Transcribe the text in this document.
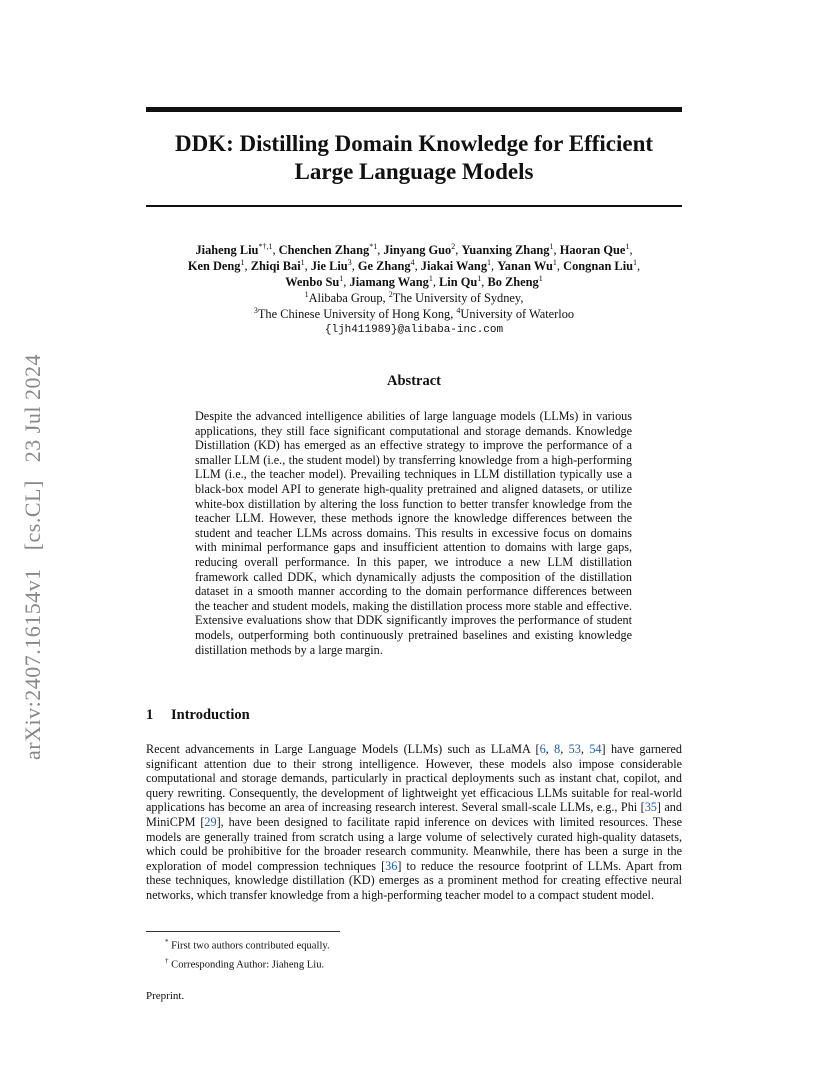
arXiv:2407.16154v1 [cs.CL] 23 Jul 2024
DDK: Distilling Domain Knowledge for Efficient Large Language Models
Jiaheng Liu$^{*\dagger,1}$, Chenchen Zhang$^{*1}$, Jinyang Guo$^2$, Yuanxing Zhang$^1$, Haoran Que$^1$,
Ken Deng$^1$, Zhiqi Bai$^1$, Jie Liu$^3$, Ge Zhang$^4$, Jiakai Wang$^1$, Yanan Wu$^1$, Congnan Liu$^1$,
Wenbo Su$^1$, Jiamang Wang$^1$, Lin Qu$^1$, Bo Zheng$^1$
$^1$Alibaba Group, $^2$The University of Sydney,
$^3$The Chinese University of Hong Kong, $^4$University of Waterloo
{ljh411989}@alibaba-inc.com
Abstract

Despite the advanced intelligence abilities of large language models (LLMs) in various applications, they still face significant computational and storage demands. Knowledge Distillation (KD) has emerged as an effective strategy to improve the performance of a smaller LLM (i.e., the student model) by transferring knowledge from a high-performing LLM (i.e., the teacher model). Prevailing techniques in LLM distillation typically use a black-box model API to generate high-quality pretrained and aligned datasets, or utilize white-box distillation by altering the loss function to better transfer knowledge from the teacher LLM. However, these methods ignore the knowledge differences between the student and teacher LLMs across domains. This results in excessive focus on domains with minimal performance gaps and insufficient attention to domains with large gaps, reducing overall performance. In this paper, we introduce a new LLM distillation framework called DDK, which dynamically adjusts the composition of the distillation dataset in a smooth manner according to the domain performance differences between the teacher and student models, making the distillation process more stable and effective. Extensive evaluations show that DDK significantly improves the performance of student models, outperforming both continuously pretrained baselines and existing knowledge distillation methods by a large margin.

1 Introduction

Recent advancements in Large Language Models (LLMs) such as LLaMA [6, 8, 53, 54] have garnered significant attention due to their strong intelligence. However, these models also impose considerable computational and storage demands, particularly in practical deployments such as instant chat, copilot, and query rewriting. Consequently, the development of lightweight yet efficacious LLMs suitable for real-world applications has become an area of increasing research interest. Several small-scale LLMs, e.g., Phi [35] and MiniCPM [29], have been designed to facilitate rapid inference on devices with limited resources. These models are generally trained from scratch using a large volume of selectively curated high-quality datasets, which could be prohibitive for the broader research community. Meanwhile, there has been a surge in the exploration of model compression techniques [36] to reduce the resource footprint of LLMs. Apart from these techniques, knowledge distillation (KD) emerges as a prominent method for creating effective neural networks, which transfer knowledge from a high-performing teacher model to a compact student model.

* First two authors contributed equally.
† Corresponding Author: Jiaheng Liu.
Preprint.
